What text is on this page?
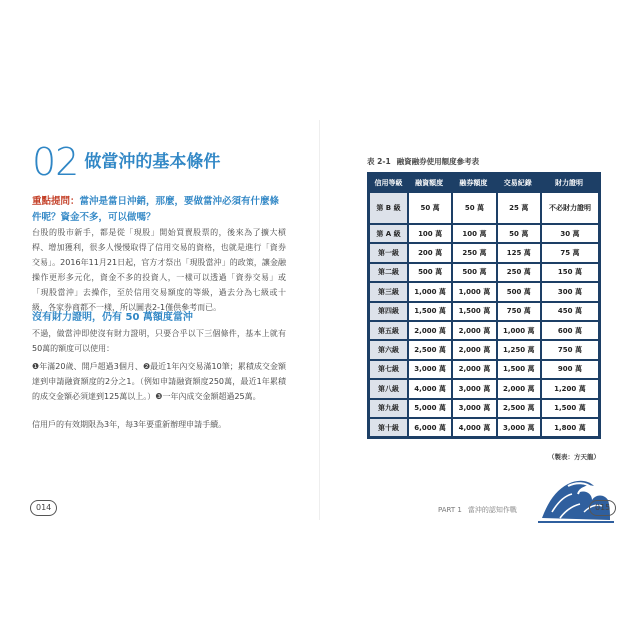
02 做當沖的基本條件
重點提問：當沖是當日沖銷，那麼，要做當沖必須有什麼條件呢？資金不多，可以做嗎？

台股的股市新手，都是從「現股」開始買賣股票的，後來為了擴大槓桿、增加獲利，很多人慢慢取得了信用交易的資格，也就是進行「資券交易」。2016年11月21日起，官方才祭出「現股當沖」的政策，讓金融操作更形多元化，資金不多的投資人，一樣可以透過「資券交易」或「現股當沖」去操作，至於信用交易額度的等級，過去分為七級或十級，各家券商都不一樣，所以圖表2-1僅供參考而已。

沒有財力證明，仍有 50 萬額度當沖

不過，做當沖即使沒有財力證明，只要合乎以下三個條件，基本上就有50萬的額度可以使用：

❶年滿20歲、開戶超過3個月、❷最近1年內交易滿10筆；累積成交金額達到申請融資額度的2分之1。（例如申請融資額度250萬，最近1年累積的成交金額必須達到125萬以上。）❸一年內成交金額超過25萬。

信用戶的有效期限為3年，每3年要重新辦理申請手續。

014
表 2-1 融資融券使用額度參考表
信用等級	融資額度	融券額度	交易紀錄	財力證明
第 B 級	50 萬	50 萬	25 萬	不必財力證明
第 A 級	100 萬	100 萬	50 萬	30 萬
第一級	200 萬	250 萬	125 萬	75 萬
第二級	500 萬	500 萬	250 萬	150 萬
第三級	1,000 萬	1,000 萬	500 萬	300 萬
第四級	1,500 萬	1,500 萬	750 萬	450 萬
第五級	2,000 萬	2,000 萬	1,000 萬	600 萬
第六級	2,500 萬	2,000 萬	1,250 萬	750 萬
第七級	3,000 萬	2,000 萬	1,500 萬	900 萬
第八級	4,000 萬	3,000 萬	2,000 萬	1,200 萬
第九級	5,000 萬	3,000 萬	2,500 萬	1,500 萬
第十級	6,000 萬	4,000 萬	3,000 萬	1,800 萬
（製表：方天龍）
PART 1 當沖的認知作戰	015
